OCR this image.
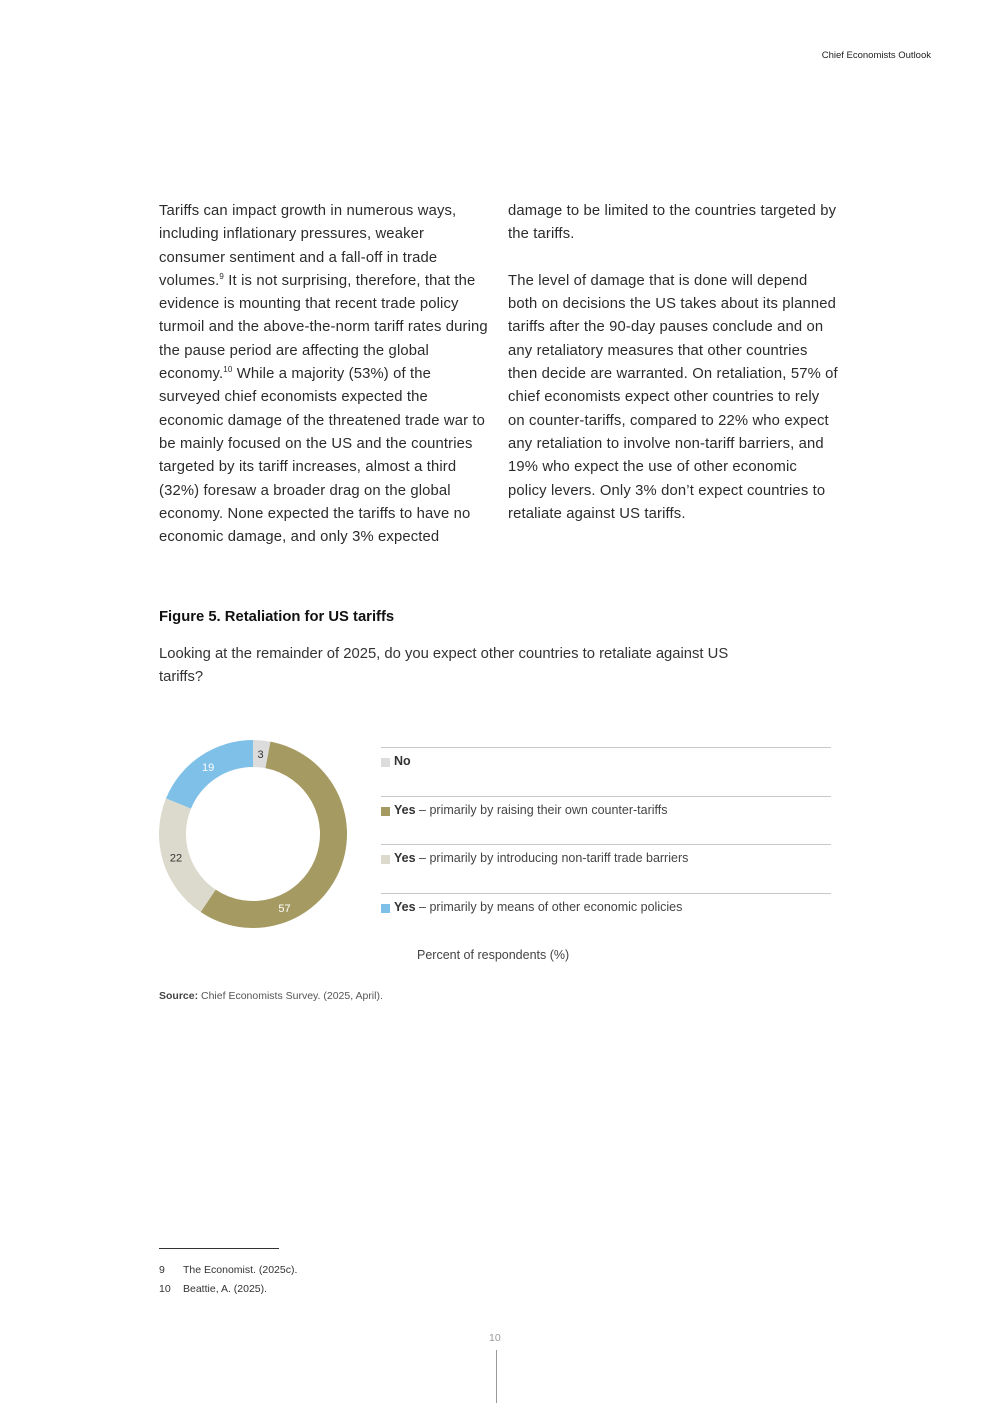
Chief Economists Outlook

Tariffs can impact growth in numerous ways, including inflationary pressures, weaker consumer sentiment and a fall-off in trade volumes.$^9$ It is not surprising, therefore, that the evidence is mounting that recent trade policy turmoil and the above-the-norm tariff rates during the pause period are affecting the global economy.$^{10}$ While a majority (53%) of the surveyed chief economists expected the economic damage of the threatened trade war to be mainly focused on the US and the countries targeted by its tariff increases, almost a third (32%) foresaw a broader drag on the global economy. None expected the tariffs to have no economic damage, and only 3% expected

damage to be limited to the countries targeted by the tariffs.

The level of damage that is done will depend both on decisions the US takes about its planned tariffs after the 90-day pauses conclude and on any retaliatory measures that other countries then decide are warranted. On retaliation, 57% of chief economists expect other countries to rely on counter-tariffs, compared to 22% who expect any retaliation to involve non-tariff barriers, and 19% who expect the use of other economic policy levers. Only 3% don’t expect countries to retaliate against US tariffs.

Figure 5. Retaliation for US tariffs
Looking at the remainder of 2025, do you expect other countries to retaliate against US tariffs?
3
57
22
19
No
Yes – primarily by raising their own counter-tariffs
Yes – primarily by introducing non-tariff trade barriers
Yes – primarily by means of other economic policies
Percent of respondents (%)
Source: Chief Economists Survey. (2025, April).
9 The Economist. (2025c).
10 Beattie, A. (2025).
10
